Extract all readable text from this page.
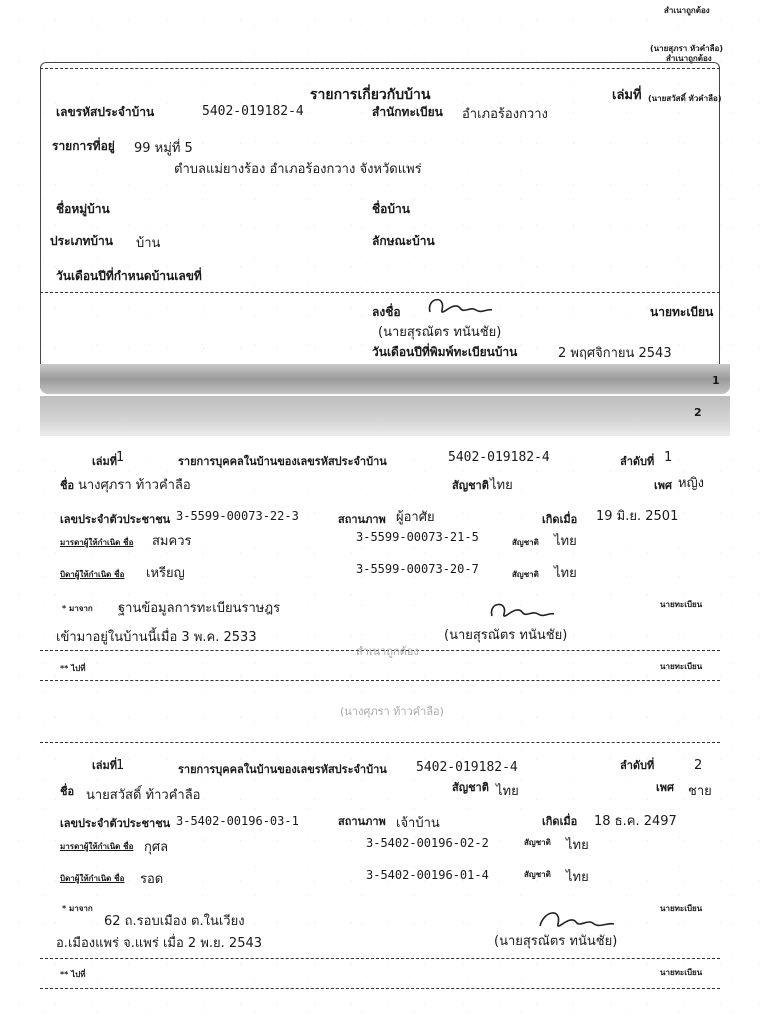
สำเนาถูกต้อง
(นายสุภรา หัวคำลือ)
สำเนาถูกต้อง
รายการเกี่ยวกับบ้าน	เล่มที่ (นายสวัสดิ์ หัวคำลือ)
เลขรหัสประจำบ้าน	5402-019182-4	สำนักทะเบียน อำเภอร้องกวาง
รายการที่อยู่ 99 หมู่ที่ 5
ตำบลแม่ยางร้อง อำเภอร้องกวาง จังหวัดแพร่
ชื่อหมู่บ้าน	ชื่อบ้าน
ประเภทบ้าน บ้าน	ลักษณะบ้าน
วันเดือนปีที่กำหนดบ้านเลขที่
ลงชื่อ	นายทะเบียน
(นายสุรณัตร ทนันชัย)
วันเดือนปีที่พิมพ์ทะเบียนบ้าน	2 พฤศจิกายน 2543
1
2
เล่มที่
1	รายการบุคคลในบ้านของเลขรหัสประจำบ้าน	5402-019182-4	ลำดับที่ 1
ชื่อ นางศุภรา ท้าวคำลือ	สัญชาติ ไทย	เพศ หญิง
เลขประจำตัวประชาชน 3-5599-00073-22-3	สถานภาพ ผู้อาศัย	เกิดเมื่อ 19 มิ.ย. 2501
มารดาผู้ให้กำเนิด ชื่อ สมควร	3-5599-00073-21-5	สัญชาติ ไทย
บิดาผู้ให้กำเนิด ชื่อ เหรียญ	3-5599-00073-20-7	สัญชาติ ไทย
* มาจาก ฐานข้อมูลการทะเบียนราษฎร	นายทะเบียน
เข้ามาอยู่ในบ้านนี้เมื่อ 3 พ.ค. 2533	(นายสุรณัตร ทนันชัย)
สำเนาถูกต้อง
** ไปที่	นายทะเบียน
(นางศุภรา ท้าวคำลือ)
เล่มที่
1	รายการบุคคลในบ้านของเลขรหัสประจำบ้าน 5402-019182-4	ลำดับที่	2
ชื่อ นายสวัสดิ์ ท้าวคำลือ
สัญชาติ ไทย	เพศ ชาย
เลขประจำตัวประชาชน 3-5402-00196-03-1	สถานภาพ เจ้าบ้าน	เกิดเมื่อ 18 ธ.ค. 2497
มารดาผู้ให้กำเนิด ชื่อ กุศล	3-5402-00196-02-2	สัญชาติ ไทย
บิดาผู้ให้กำเนิด ชื่อ รอด	3-5402-00196-01-4	สัญชาติ ไทย
* มาจาก
62 ถ.รอบเมือง ต.ในเวียง
นายทะเบียน
อ.เมืองแพร่ จ.แพร่ เมื่อ 2 พ.ย. 2543	(นายสุรณัตร ทนันชัย)
** ไปที่	นายทะเบียน
